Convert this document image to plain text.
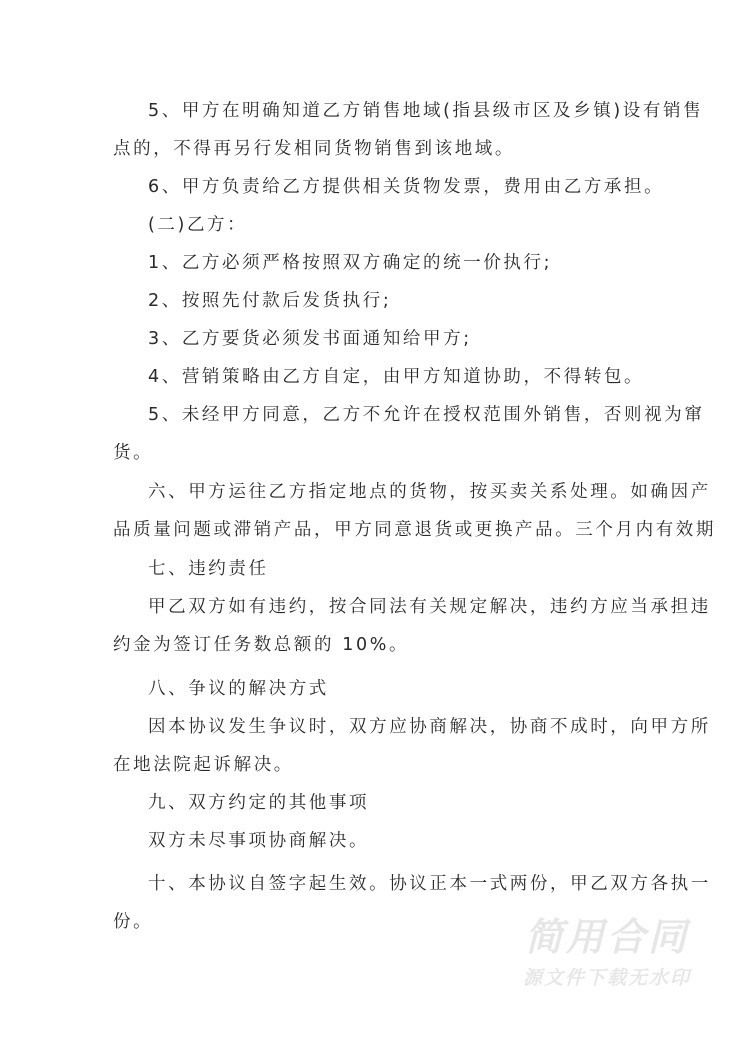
5、甲方在明确知道乙方销售地域(指县级市区及乡镇)设有销售
点的，不得再另行发相同货物销售到该地域。
6、甲方负责给乙方提供相关货物发票，费用由乙方承担。
(二)乙方：
1、乙方必须严格按照双方确定的统一价执行;
2、按照先付款后发货执行;
3、乙方要货必须发书面通知给甲方;
4、营销策略由乙方自定，由甲方知道协助，不得转包。
5、未经甲方同意，乙方不允许在授权范围外销售，否则视为窜
货。
六、甲方运往乙方指定地点的货物，按买卖关系处理。如确因产
品质量问题或滞销产品，甲方同意退货或更换产品。三个月内有效期
七、违约责任
甲乙双方如有违约，按合同法有关规定解决，违约方应当承担违
约金为签订任务数总额的 10%。
八、争议的解决方式
因本协议发生争议时，双方应协商解决，协商不成时，向甲方所
在地法院起诉解决。
九、双方约定的其他事项
双方未尽事项协商解决。
十、本协议自签字起生效。协议正本一式两份，甲乙双方各执一
份。	简用合同
源文件下载无水印
